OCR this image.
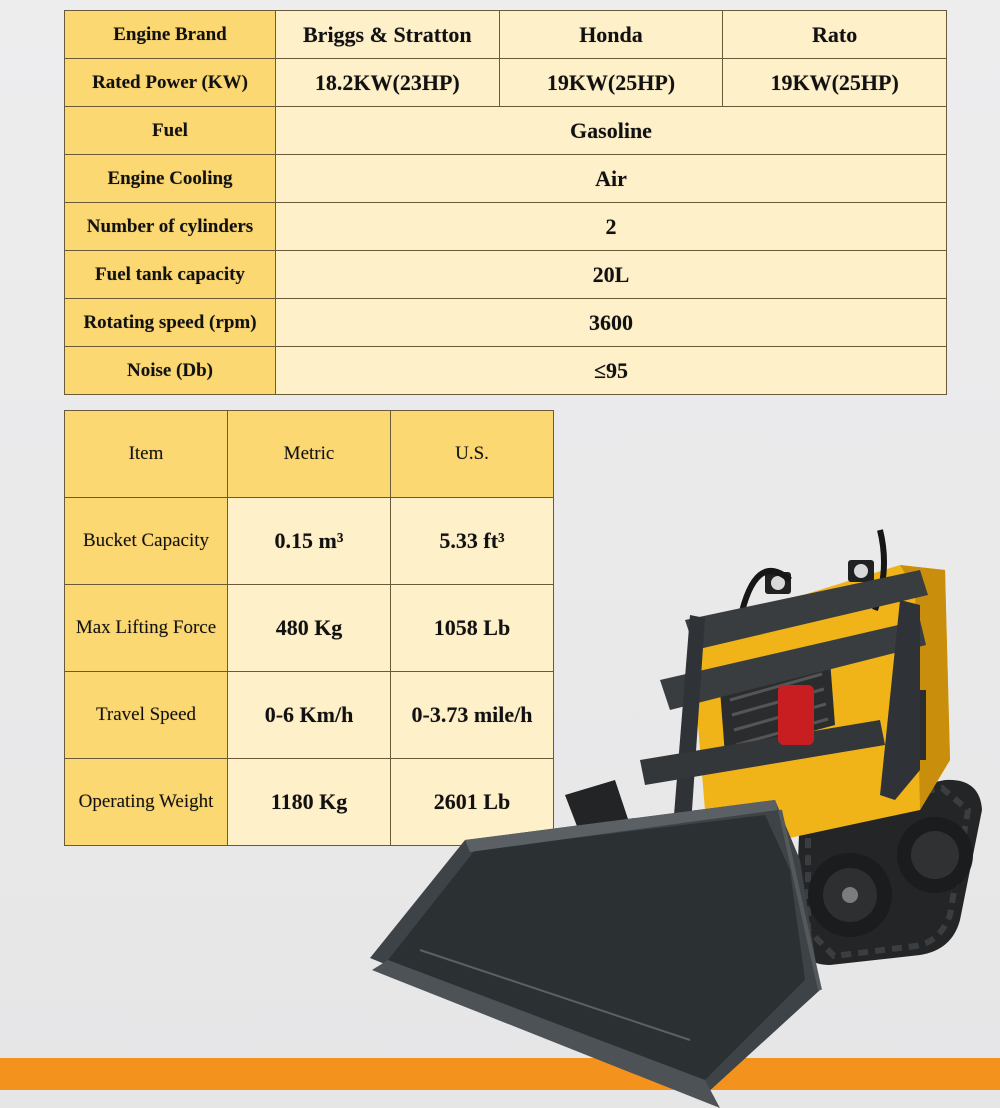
Engine Brand	Briggs & Stratton	Honda	Rato
Rated Power (KW)	18.2KW(23HP)	19KW(25HP)	19KW(25HP)
Fuel	Gasoline		
Engine Cooling	Air		
Number of cylinders	2		
Fuel tank capacity	20L		
Rotating speed (rpm)	3600		
Noise (Db)	≤95		
Item	Metric	U.S.
Bucket Capacity	0.15 m³	5.33 ft³
Max Lifting Force	480 Kg	1058 Lb
Travel Speed	0-6 Km/h	0-3.73 mile/h
Operating Weight	1180 Kg	2601 Lb
